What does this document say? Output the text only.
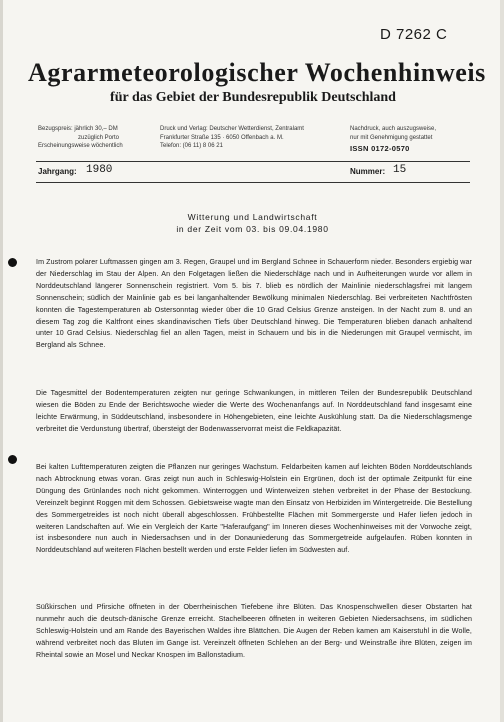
D 7262 C
Agrarmeteorologischer Wochenhinweis
für das Gebiet der Bundesrepublik Deutschland
Bezugspreis: jährlich 30,– DM
zuzüglich Porto
Erscheinungsweise wöchentlich
Druck und Verlag: Deutscher Wetterdienst, Zentralamt
Frankfurter Straße 135 · 6050 Offenbach a. M.
Telefon: (06 11) 8 06 21
Nachdruck, auch auszugsweise,
nur mit Genehmigung gestattet
ISSN 0172-0570
Jahrgang: 1980	Nummer: 15
Witterung und Landwirtschaft
in der Zeit vom 03. bis 09.04.1980

Im Zustrom polarer Luftmassen gingen am 3. Regen, Graupel und im Bergland Schnee in Schauerform nieder. Besonders ergiebig war der Niederschlag im Stau der Alpen. An den Folgetagen ließen die Niederschläge nach und in Aufheiterungen wurde vor allem in Norddeutschland längerer Sonnenschein registriert. Vom 5. bis 7. blieb es nördlich der Mainlinie niederschlagsfrei mit langem Sonnenschein; südlich der Mainlinie gab es bei langanhaltender Bewölkung minimalen Niederschlag. Bei verbreiteten Nachtfrösten konnten die Tagestemperaturen ab Ostersonntag wieder über die 10 Grad Celsius Grenze ansteigen. In der Nacht zum 8. und an diesem Tag zog die Kaltfront eines skandinavischen Tiefs über Deutschland hinweg. Die Temperaturen blieben danach anhaltend unter 10 Grad Celsius. Niederschlag fiel an allen Tagen, meist in Schauern und bis in die Niederungen mit Graupel vermischt, im Bergland als Schnee.

Die Tagesmittel der Bodentemperaturen zeigten nur geringe Schwankungen, in mittleren Teilen der Bundesrepublik Deutschland wiesen die Böden zu Ende der Berichtswoche wieder die Werte des Wochenanfangs auf. In Norddeutschland fand insgesamt eine leichte Erwärmung, in Süddeutschland, insbesondere in Höhengebieten, eine leichte Auskühlung statt. Da die Niederschlagsmenge verbreitet die Verdunstung übertraf, übersteigt der Bodenwasservorrat meist die Feldkapazität.

Bei kalten Lufttemperaturen zeigten die Pflanzen nur geringes Wachstum. Feldarbeiten kamen auf leichten Böden Norddeutschlands nach Abtrocknung etwas voran. Gras zeigt nun auch in Schleswig-Holstein ein Ergrünen, doch ist der optimale Zeitpunkt für eine Düngung des Grünlandes noch nicht gekommen. Winterroggen und Winterweizen stehen verbreitet in der Phase der Bestockung. Vereinzelt beginnt Roggen mit dem Schossen. Gebietsweise wagte man den Einsatz von Herbiziden im Wintergetreide. Die Bestellung des Sommergetreides ist noch nicht überall abgeschlossen. Frühbestellte Flächen mit Sommergerste und Hafer liefen jedoch in weiteren Landschaften auf. Wie ein Vergleich der Karte "Haferaufgang" im Inneren dieses Wochenhinweises mit der Vorwoche zeigt, ist insbesondere nun auch in Niedersachsen und in der Donauniederung das Sommergetreide aufgelaufen. Rüben konnten in Norddeutschland auf weiteren Flächen bestellt werden und erste Felder liefen im Südwesten auf.

Süßkirschen und Pfirsiche öffneten in der Oberrheinischen Tiefebene ihre Blüten. Das Knospenschwellen dieser Obstarten hat nunmehr auch die deutsch-dänische Grenze erreicht. Stachelbeeren öffneten in weiteren Gebieten Niedersachsens, im südlichen Schleswig-Holstein und am Rande des Bayerischen Waldes ihre Blättchen. Die Augen der Reben kamen am Kaiserstuhl in die Wolle, während verbreitet noch das Bluten im Gange ist. Vereinzelt öffneten Schlehen an der Berg- und Weinstraße ihre Blüten, zeigen im Rheintal sowie an Mosel und Neckar Knospen im Ballonstadium.
